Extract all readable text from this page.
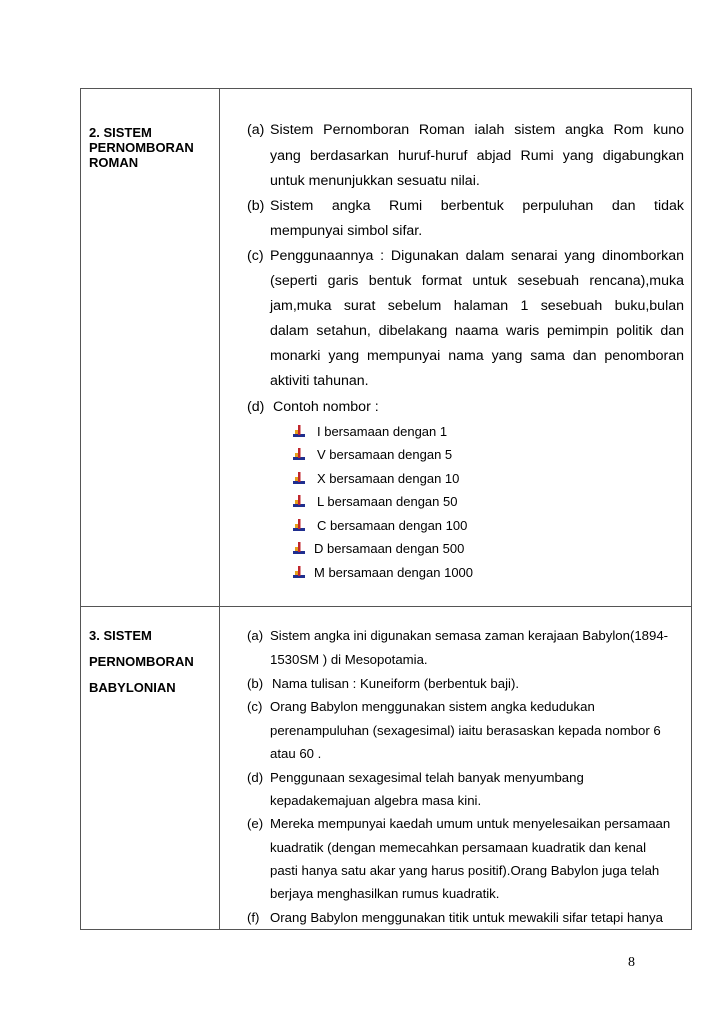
2. SISTEM
PERNOMBORAN
ROMAN
3. SISTEM
PERNOMBORAN
BABYLONIAN
(a) Sistem Pernomboran Roman ialah sistem angka Rom kuno
yang berdasarkan huruf-huruf abjad Rumi yang digabungkan
untuk menunjukkan sesuatu nilai.
(b) Sistem angka Rumi berbentuk perpuluhan dan tidak
mempunyai simbol sifar.
(c) Penggunaannya : Digunakan dalam senarai yang dinomborkan
(seperti garis bentuk format untuk sesebuah rencana),muka
jam,muka surat sebelum halaman 1 sesebuah buku,bulan
dalam setahun, dibelakang naama waris pemimpin politik dan
monarki yang mempunyai nama yang sama dan penomboran
aktiviti tahunan.
(d) Contoh nombor :
I bersamaan dengan 1
V bersamaan dengan 5
X bersamaan dengan 10
L bersamaan dengan 50
C bersamaan dengan 100
D bersamaan dengan 500
M bersamaan dengan 1000
(a) Sistem angka ini digunakan semasa zaman kerajaan Babylon(1894-
1530SM ) di Mesopotamia.
(b) Nama tulisan : Kuneiform (berbentuk baji).
(c) Orang Babylon menggunakan sistem angka kedudukan
perenampuluhan (sexagesimal) iaitu berasaskan kepada nombor 6
atau 60 .
(d) Penggunaan sexagesimal telah banyak menyumbang
kepadakemajuan algebra masa kini.
(e) Mereka mempunyai kaedah umum untuk menyelesaikan persamaan
kuadratik (dengan memecahkan persamaan kuadratik dan kenal
pasti hanya satu akar yang harus positif).Orang Babylon juga telah
berjaya menghasilkan rumus kuadratik.
(f) Orang Babylon menggunakan titik untuk mewakili sifar tetapi hanya
8
